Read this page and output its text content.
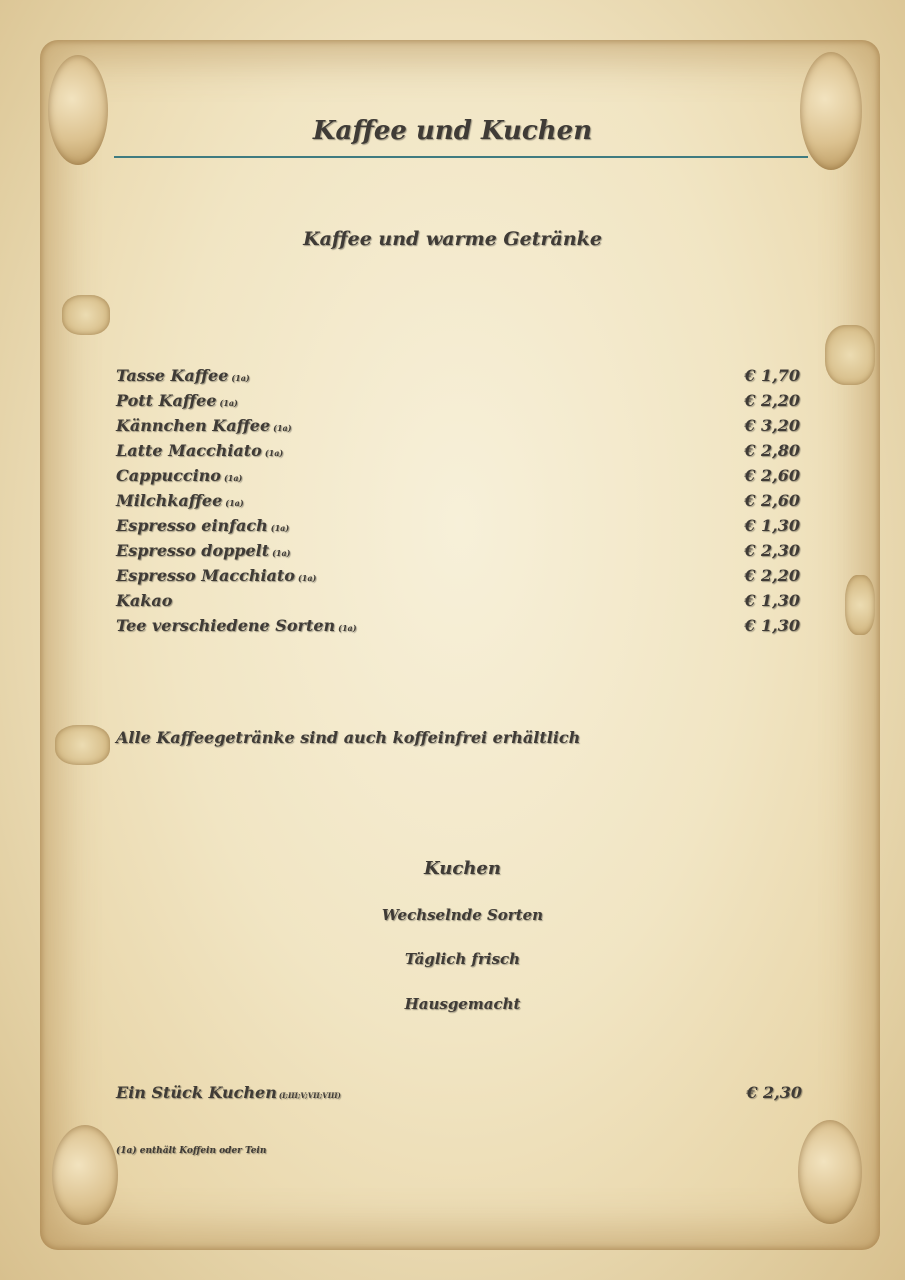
Kaffee und Kuchen
Kaffee und warme Getränke
Tasse Kaffee (1a)	€ 1,70
Pott Kaffee (1a)	€ 2,20
Kännchen Kaffee (1a)	€ 3,20
Latte Macchiato (1a)	€ 2,80
Cappuccino (1a)	€ 2,60
Milchkaffee (1a)	€ 2,60
Espresso einfach (1a)	€ 1,30
Espresso doppelt (1a)	€ 2,30
Espresso Macchiato (1a)	€ 2,20
Kakao	€ 1,30
Tee verschiedene Sorten (1a)	€ 1,30
Alle Kaffeegetränke sind auch koffeinfrei erhältlich
Kuchen
Wechselnde Sorten
Täglich frisch
Hausgemacht
Ein Stück Kuchen (I;III;V;VII;VIII)	€ 2,30
(1a) enthält Koffein oder Tein
